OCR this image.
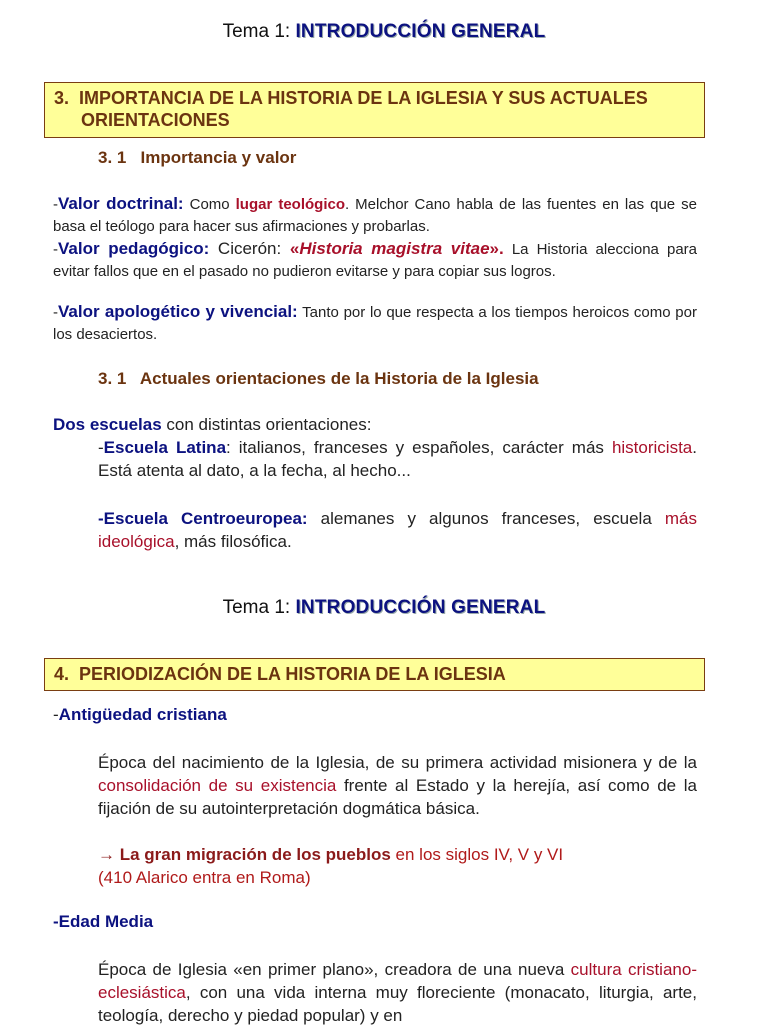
Tema 1: INTRODUCCIÓN GENERAL
3. IMPORTANCIA DE LA HISTORIA DE LA IGLESIA Y SUS ACTUALES
ORIENTACIONES
3. 1   Importancia y valor
-Valor doctrinal: Como lugar teológico. Melchor Cano habla de las fuentes en las que se basa el teólogo para hacer sus afirmaciones y probarlas.
-Valor pedagógico: Cicerón: «Historia magistra vitae». La Historia alecciona para evitar fallos que en el pasado no pudieron evitarse y para copiar sus logros.
-Valor apologético y vivencial: Tanto por lo que respecta a los tiempos heroicos como por los desaciertos.
3. 1   Actuales orientaciones de la Historia de la Iglesia
Dos escuelas con distintas orientaciones:
-Escuela Latina: italianos, franceses y españoles, carácter más historicista. Está atenta al dato, a la fecha, al hecho...
-Escuela Centroeuropea: alemanes y algunos franceses, escuela más ideológica, más filosófica.
Tema 1: INTRODUCCIÓN GENERAL
4.  PERIODIZACIÓN DE LA HISTORIA DE LA IGLESIA
-Antigüedad cristiana
Época del nacimiento de la Iglesia, de su primera actividad misionera y de la consolidación de su existencia frente al Estado y la herejía, así como de la fijación de su autointerpretación dogmática básica.
→ La gran migración de los pueblos en los siglos IV, V y VI
(410 Alarico entra en Roma)
-Edad Media
Época de Iglesia «en primer plano», creadora de una nueva cultura cristiano-eclesiástica, con una vida interna muy floreciente (monacato, liturgia, arte, teología, derecho y piedad popular) y en
